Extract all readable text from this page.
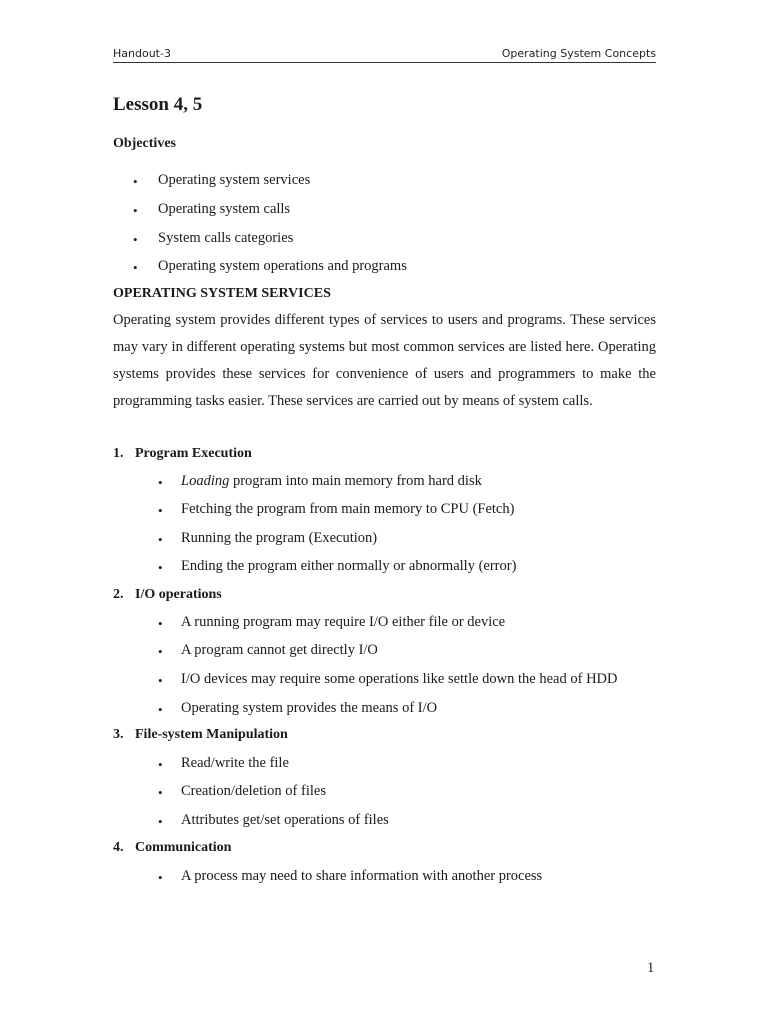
Handout-3	Operating System Concepts
Lesson 4, 5
Objectives
• Operating system services
• Operating system calls
• System calls categories
• Operating system operations and programs
OPERATING SYSTEM SERVICES
Operating system provides different types of services to users and programs. These services may vary in different operating systems but most common services are listed here. Operating systems provides these services for convenience of users and programmers to make the programming tasks easier. These services are carried out by means of system calls.
1. Program Execution
• Loading program into main memory from hard disk
• Fetching the program from main memory to CPU (Fetch)
• Running the program (Execution)
• Ending the program either normally or abnormally (error)
2. I/O operations
• A running program may require I/O either file or device
• A program cannot get directly I/O
• I/O devices may require some operations like settle down the head of HDD
• Operating system provides the means of I/O
3. File-system Manipulation
• Read/write the file
• Creation/deletion of files
• Attributes get/set operations of files
4. Communication
• A process may need to share information with another process
1
